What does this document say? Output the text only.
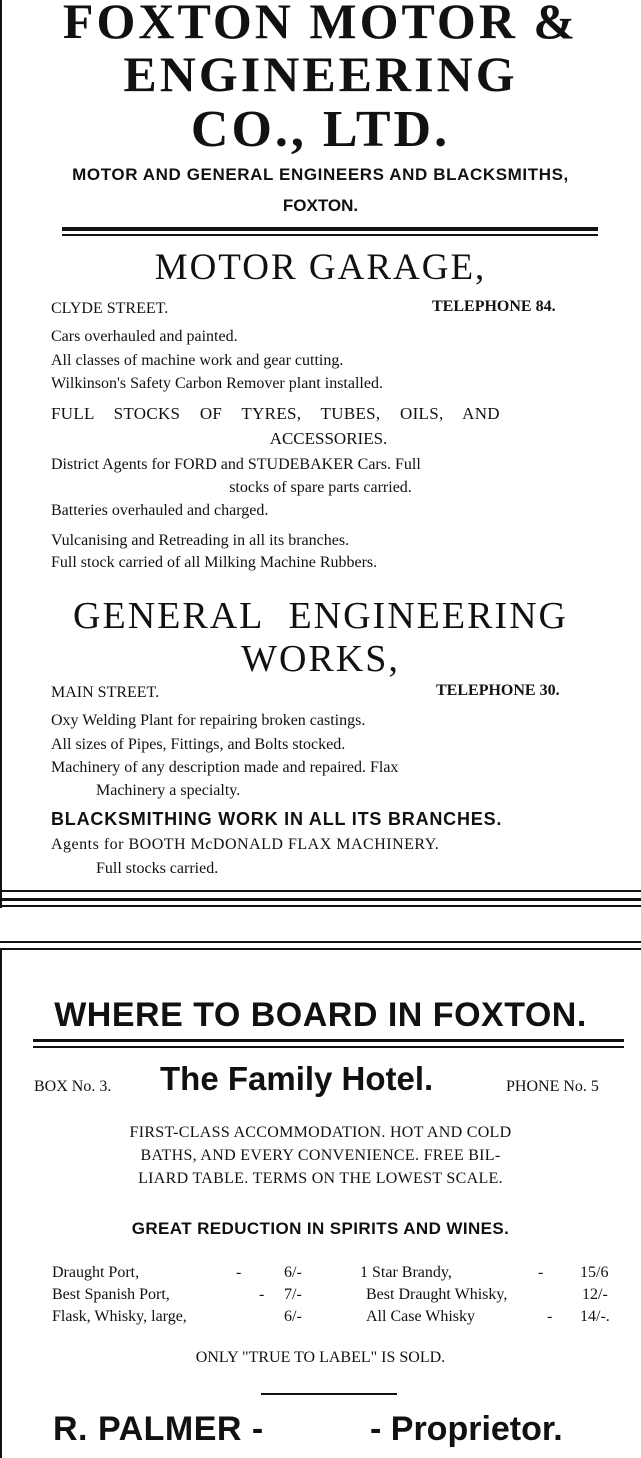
FOXTON MOTOR &
ENGINEERING
CO., LTD.
MOTOR AND GENERAL ENGINEERS AND BLACKSMITHS,
FOXTON.
MOTOR GARAGE,
CLYDE STREET.	TELEPHONE 84.
Cars overhauled and painted.
All classes of machine work and gear cutting.
Wilkinson's Safety Carbon Remover plant installed.
FULL STOCKS OF TYRES, TUBES, OILS, AND
ACCESSORIES.
District Agents for FORD and STUDEBAKER Cars. Full
stocks of spare parts carried.
Batteries overhauled and charged.
Vulcanising and Retreading in all its branches.
Full stock carried of all Milking Machine Rubbers.
GENERAL ENGINEERING
WORKS,
MAIN STREET.	TELEPHONE 30.
Oxy Welding Plant for repairing broken castings.
All sizes of Pipes, Fittings, and Bolts stocked.
Machinery of any description made and repaired. Flax
Machinery a specialty.
BLACKSMITHING WORK IN ALL ITS BRANCHES.
Agents for BOOTH McDONALD FLAX MACHINERY.
Full stocks carried.
WHERE TO BOARD IN FOXTON.
BOX No. 3. The Family Hotel.	PHONE No. 5
FIRST-CLASS ACCOMMODATION. HOT AND COLD
BATHS, AND EVERY CONVENIENCE. FREE BIL-
LIARD TABLE. TERMS ON THE LOWEST SCALE.
GREAT REDUCTION IN SPIRITS AND WINES.
Draught Port,	-	6/-
Best Spanish Port,	- 7/-
Flask, Whisky, large,	6/-
1 Star Brandy,	- 15/6
Best Draught Whisky,	12/-
All Case Whisky	- 14/-.
ONLY "TRUE TO LABEL" IS SOLD.
R. PALMER -	- Proprietor.
